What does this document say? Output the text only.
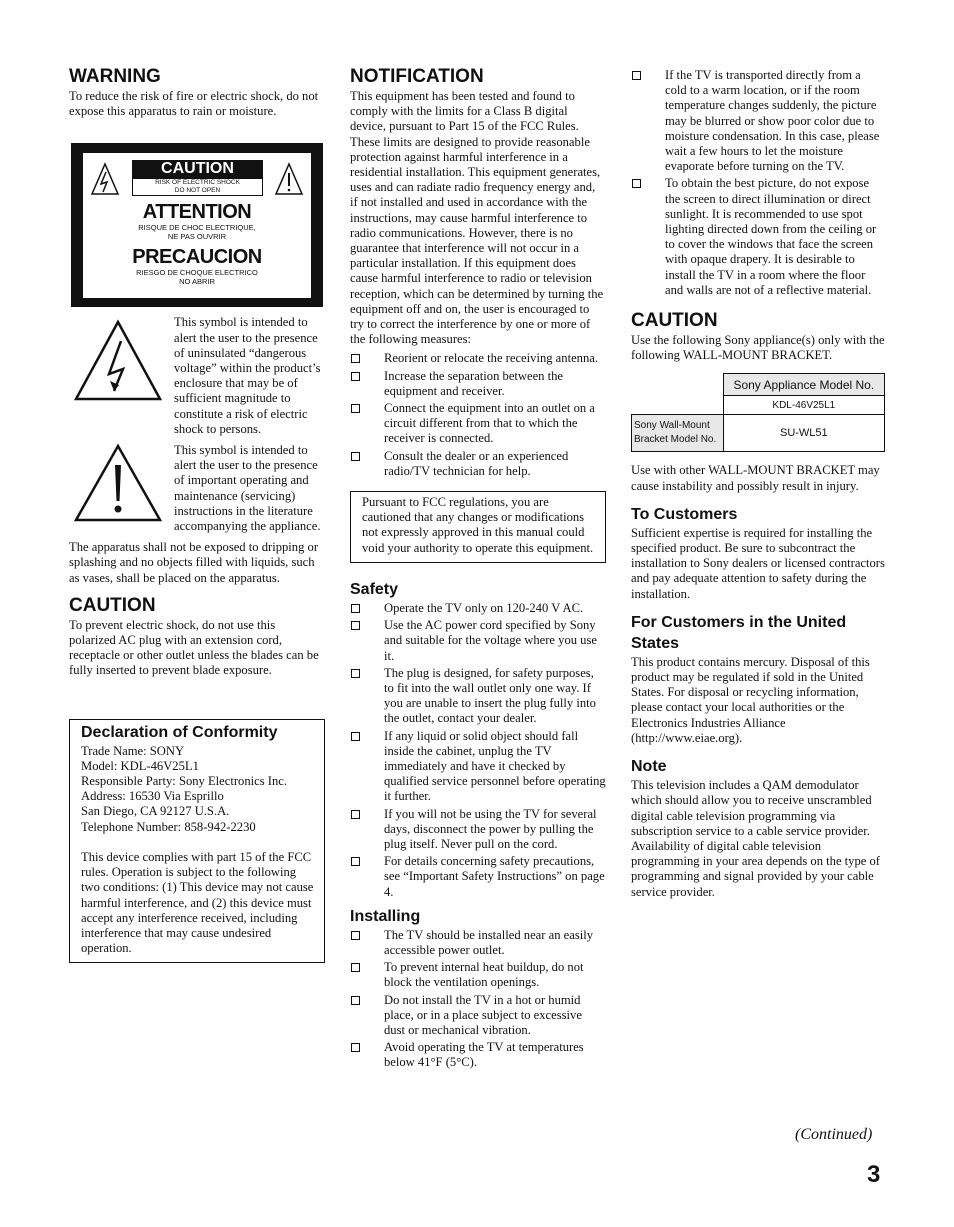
WARNING

To reduce the risk of fire or electric shock, do not expose this apparatus to rain or moisture.

CAUTION
RISK OF ELECTRIC SHOCK
DO NOT OPEN
ATTENTION
RISQUE DE CHOC ELECTRIQUE,
NE PAS OUVRIR
PRECAUCION
RIESGO DE CHOQUE ELECTRICO
NO ABRIR

This symbol is intended to alert the user to the presence of uninsulated “dangerous voltage” within the product’s enclosure that may be of sufficient magnitude to constitute a risk of electric shock to persons.

This symbol is intended to alert the user to the presence of important operating and maintenance (servicing) instructions in the literature accompanying the appliance.

The apparatus shall not be exposed to dripping or splashing and no objects filled with liquids, such as vases, shall be placed on the apparatus.

CAUTION

To prevent electric shock, do not use this polarized AC plug with an extension cord, receptacle or other outlet unless the blades can be fully inserted to prevent blade exposure.

Declaration of Conformity

Trade Name: SONY

Model: KDL-46V25L1

Responsible Party: Sony Electronics Inc.

Address: 16530 Via Esprillo

San Diego, CA 92127 U.S.A.

Telephone Number: 858-942-2230

This device complies with part 15 of the FCC rules. Operation is subject to the following two conditions: (1) This device may not cause harmful interference, and (2) this device must accept any interference received, including interference that may cause undesired operation.

NOTIFICATION

This equipment has been tested and found to comply with the limits for a Class B digital device, pursuant to Part 15 of the FCC Rules. These limits are designed to provide reasonable protection against harmful interference in a residential installation. This equipment generates, uses and can radiate radio frequency energy and, if not installed and used in accordance with the instructions, may cause harmful interference to radio communications. However, there is no guarantee that interference will not occur in a particular installation. If this equipment does cause harmful interference to radio or television reception, which can be determined by turning the equipment off and on, the user is encouraged to try to correct the interference by one or more of the following measures:

Reorient or relocate the receiving antenna.
Increase the separation between the equipment and receiver.
Connect the equipment into an outlet on a circuit different from that to which the receiver is connected.
Consult the dealer or an experienced radio/TV technician for help.

Pursuant to FCC regulations, you are cautioned that any changes or modifications not expressly approved in this manual could void your authority to operate this equipment.

Safety
Operate the TV only on 120-240 V AC.
Use the AC power cord specified by Sony and suitable for the voltage where you use it.
The plug is designed, for safety purposes, to fit into the wall outlet only one way. If you are unable to insert the plug fully into the outlet, contact your dealer.
If any liquid or solid object should fall inside the cabinet, unplug the TV immediately and have it checked by qualified service personnel before operating it further.
If you will not be using the TV for several days, disconnect the power by pulling the plug itself. Never pull on the cord.
For details concerning safety precautions, see “Important Safety Instructions” on page 4.
Installing
The TV should be installed near an easily accessible power outlet.
To prevent internal heat buildup, do not block the ventilation openings.
Do not install the TV in a hot or humid place, or in a place subject to excessive dust or mechanical vibration.
Avoid operating the TV at temperatures below 41°F (5°C).
If the TV is transported directly from a cold to a warm location, or if the room temperature changes suddenly, the picture may be blurred or show poor color due to moisture condensation. In this case, please wait a few hours to let the moisture evaporate before turning on the TV.
To obtain the best picture, do not expose the screen to direct illumination or direct sunlight. It is recommended to use spot lighting directed down from the ceiling or to cover the windows that face the screen with opaque drapery. It is desirable to install the TV in a room where the floor and walls are not of a reflective material.
CAUTION

Use the following Sony appliance(s) only with the following WALL-MOUNT BRACKET.

	Sony Appliance Model No.
	KDL-46V25L1

Sony Wall-Mount
Bracket Model No.	SU-WL51

Use with other WALL-MOUNT BRACKET may cause instability and possibly result in injury.

To Customers

Sufficient expertise is required for installing the specified product. Be sure to subcontract the installation to Sony dealers or licensed contractors and pay adequate attention to safety during the installation.

For Customers in the United States

This product contains mercury. Disposal of this product may be regulated if sold in the United States. For disposal or recycling information, please contact your local authorities or the Electronics Industries Alliance (http://www.eiae.org).

Note

This television includes a QAM demodulator which should allow you to receive unscrambled digital cable television programming via subscription service to a cable service provider. Availability of digital cable television programming in your area depends on the type of programming and signal provided by your cable service provider.

(Continued)
3
